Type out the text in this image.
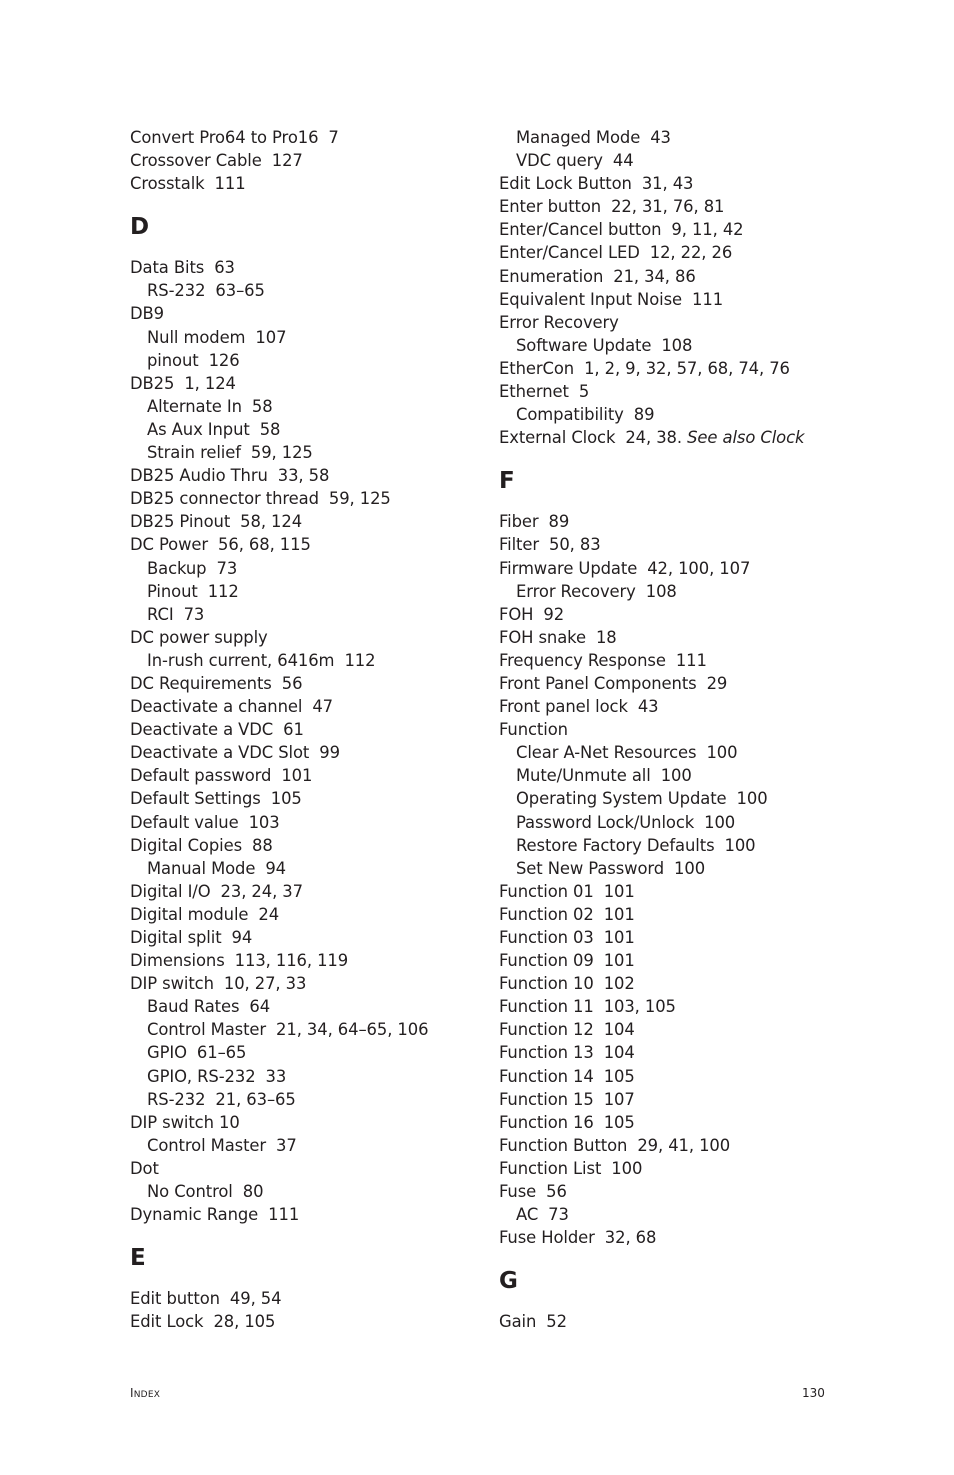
Convert Pro64 to Pro16 7
Crossover Cable 127
Crosstalk 111
D
Data Bits 63
RS-232 63–65
DB9
Null modem 107
pinout 126
DB25 1, 124
Alternate In 58
As Aux Input 58
Strain relief 59, 125
DB25 Audio Thru 33, 58
DB25 connector thread 59, 125
DB25 Pinout 58, 124
DC Power 56, 68, 115
Backup 73
Pinout 112
RCI 73
DC power supply
In-rush current, 6416m 112
DC Requirements 56
Deactivate a channel 47
Deactivate a VDC 61
Deactivate a VDC Slot 99
Default password 101
Default Settings 105
Default value 103
Digital Copies 88
Manual Mode 94
Digital I/O 23, 24, 37
Digital module 24
Digital split 94
Dimensions 113, 116, 119
DIP switch 10, 27, 33
Baud Rates 64
Control Master 21, 34, 64–65, 106
GPIO 61–65
GPIO, RS-232 33
RS-232 21, 63–65
DIP switch 10
Control Master 37
Dot
No Control 80
Dynamic Range 111
E
Edit button 49, 54
Edit Lock 28, 105
Managed Mode 43
VDC query 44
Edit Lock Button 31, 43
Enter button 22, 31, 76, 81
Enter/Cancel button 9, 11, 42
Enter/Cancel LED 12, 22, 26
Enumeration 21, 34, 86
Equivalent Input Noise 111
Error Recovery
Software Update 108
EtherCon 1, 2, 9, 32, 57, 68, 74, 76
Ethernet 5
Compatibility 89
External Clock 24, 38. See also Clock
F
Fiber 89
Filter 50, 83
Firmware Update 42, 100, 107
Error Recovery 108
FOH 92
FOH snake 18
Frequency Response 111
Front Panel Components 29
Front panel lock 43
Function
Clear A-Net Resources 100
Mute/Unmute all 100
Operating System Update 100
Password Lock/Unlock 100
Restore Factory Defaults 100
Set New Password 100
Function 01 101
Function 02 101
Function 03 101
Function 09 101
Function 10 102
Function 11 103, 105
Function 12 104
Function 13 104
Function 14 105
Function 15 107
Function 16 105
Function Button 29, 41, 100
Function List 100
Fuse 56
AC 73
Fuse Holder 32, 68
G
Gain 52
INDEX	130
